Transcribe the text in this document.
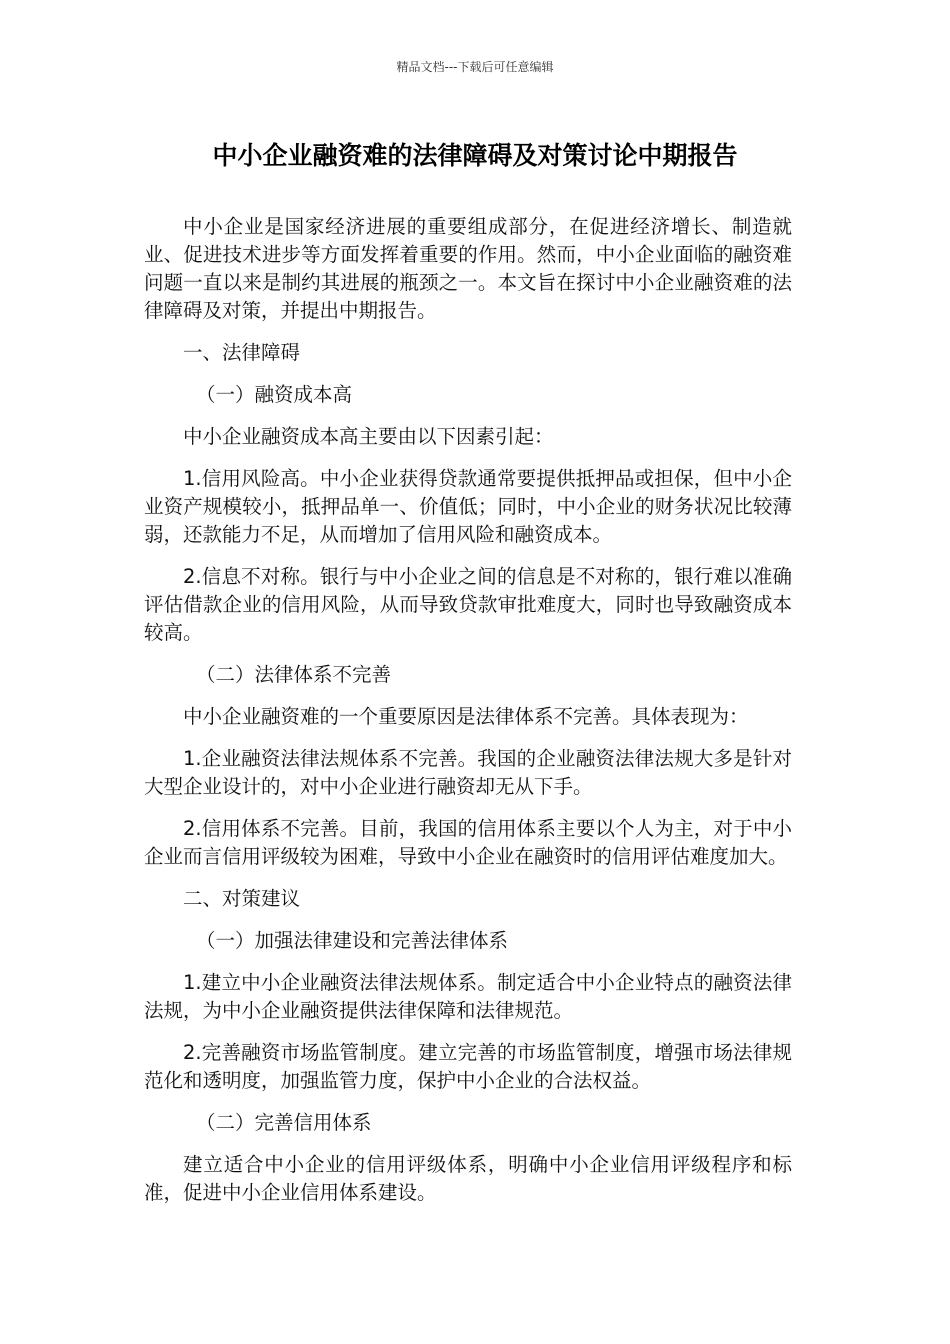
精品文档---下载后可任意编辑
中小企业融资难的法律障碍及对策讨论中期报告

中小企业是国家经济进展的重要组成部分，在促进经济增长、制造就业、促进技术进步等方面发挥着重要的作用。然而，中小企业面临的融资难问题一直以来是制约其进展的瓶颈之一。本文旨在探讨中小企业融资难的法律障碍及对策，并提出中期报告。

一、法律障碍

（一）融资成本高

中小企业融资成本高主要由以下因素引起：

1.信用风险高。中小企业获得贷款通常要提供抵押品或担保，但中小企业资产规模较小，抵押品单一、价值低；同时，中小企业的财务状况比较薄弱，还款能力不足，从而增加了信用风险和融资成本。

2.信息不对称。银行与中小企业之间的信息是不对称的，银行难以准确评估借款企业的信用风险，从而导致贷款审批难度大，同时也导致融资成本较高。

（二）法律体系不完善

中小企业融资难的一个重要原因是法律体系不完善。具体表现为：

1.企业融资法律法规体系不完善。我国的企业融资法律法规大多是针对大型企业设计的，对中小企业进行融资却无从下手。

2.信用体系不完善。目前，我国的信用体系主要以个人为主，对于中小企业而言信用评级较为困难，导致中小企业在融资时的信用评估难度加大。

二、对策建议

（一）加强法律建设和完善法律体系

1.建立中小企业融资法律法规体系。制定适合中小企业特点的融资法律法规，为中小企业融资提供法律保障和法律规范。

2.完善融资市场监管制度。建立完善的市场监管制度，增强市场法律规范化和透明度，加强监管力度，保护中小企业的合法权益。

（二）完善信用体系

建立适合中小企业的信用评级体系，明确中小企业信用评级程序和标准，促进中小企业信用体系建设。
